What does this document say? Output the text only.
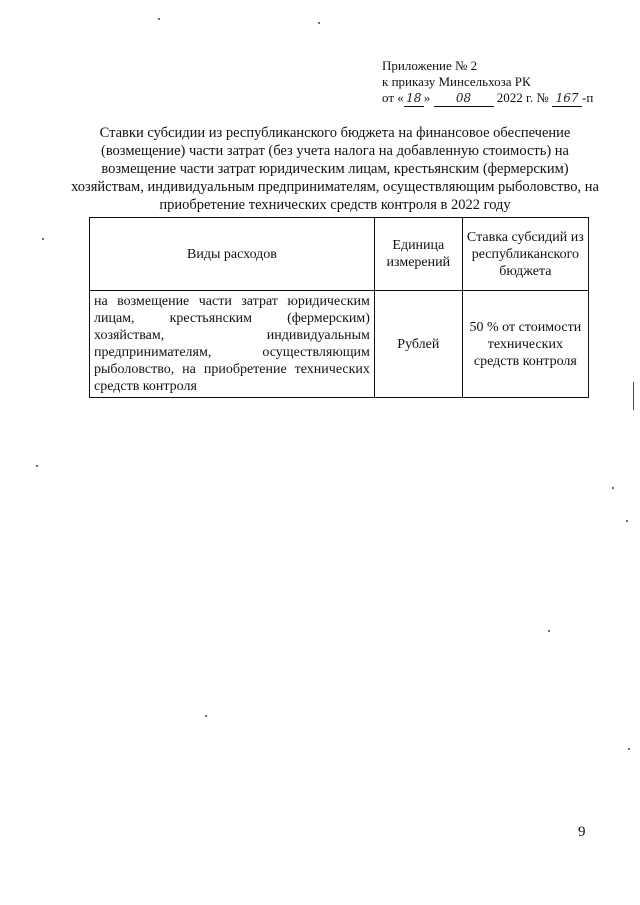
Приложение № 2
к приказу Минсельхоза РК
от « 18 » 08 2022 г. № 167 -п
Ставки субсидии из республиканского бюджета на финансовое обеспечение (возмещение) части затрат (без учета налога на добавленную стоимость) на возмещение части затрат юридическим лицам, крестьянским (фермерским) хозяйствам, индивидуальным предпринимателям, осуществляющим рыболовство, на приобретение технических средств контроля в 2022 году
Виды расходов	Единица измерений	Ставка субсидий из республиканского бюджета
на возмещение части затрат юридическим лицам, крестьянским (фермерским) хозяйствам, индивидуальным предпринимателям, осуществляющим рыболовство, на приобретение технических средств контроля	Рублей	50 % от стоимости технических средств контроля
9
